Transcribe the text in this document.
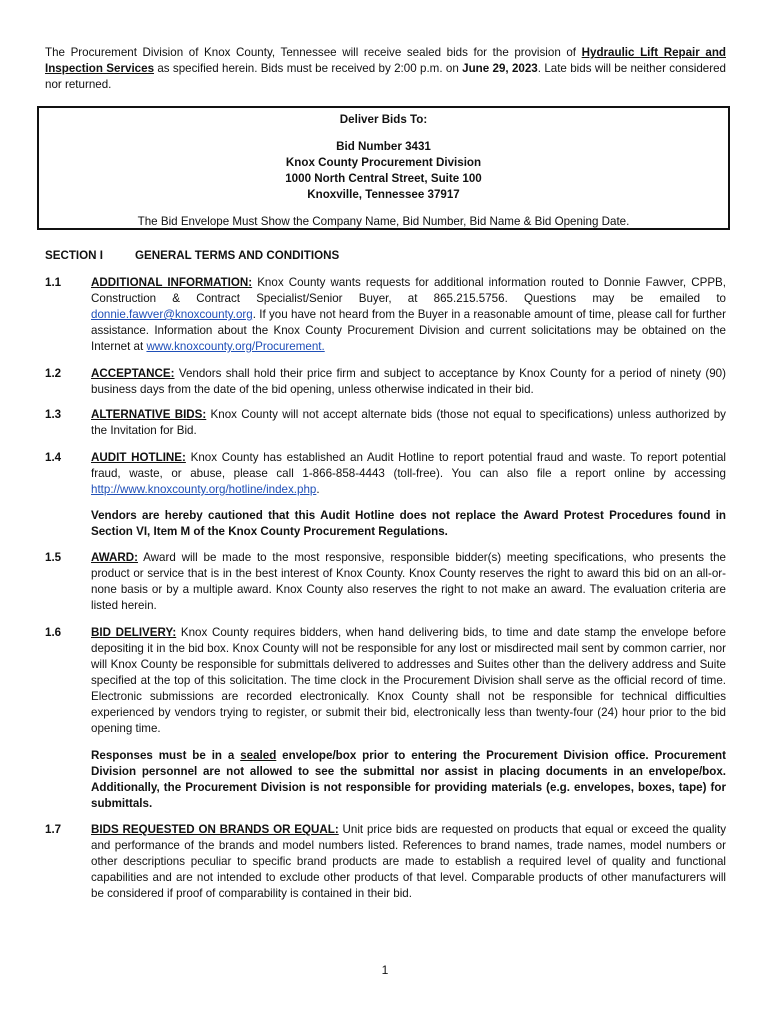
The Procurement Division of Knox County, Tennessee will receive sealed bids for the provision of Hydraulic Lift Repair and Inspection Services as specified herein. Bids must be received by 2:00 p.m. on June 29, 2023. Late bids will be neither considered nor returned.
Deliver Bids To:
Bid Number 3431
Knox County Procurement Division
1000 North Central Street, Suite 100
Knoxville, Tennessee 37917
The Bid Envelope Must Show the Company Name, Bid Number, Bid Name & Bid Opening Date.
SECTION I	GENERAL TERMS AND CONDITIONS
1.1	ADDITIONAL INFORMATION: Knox County wants requests for additional information routed to Donnie Fawver, CPPB, Construction & Contract Specialist/Senior Buyer, at 865.215.5756. Questions may be emailed to donnie.fawver@knoxcounty.org. If you have not heard from the Buyer in a reasonable amount of time, please call for further assistance. Information about the Knox County Procurement Division and current solicitations may be obtained on the Internet at www.knoxcounty.org/Procurement.
1.2	ACCEPTANCE: Vendors shall hold their price firm and subject to acceptance by Knox County for a period of ninety (90) business days from the date of the bid opening, unless otherwise indicated in their bid.
1.3	ALTERNATIVE BIDS: Knox County will not accept alternate bids (those not equal to specifications) unless authorized by the Invitation for Bid.
1.4	AUDIT HOTLINE: Knox County has established an Audit Hotline to report potential fraud and waste. To report potential fraud, waste, or abuse, please call 1-866-858-4443 (toll-free). You can also file a report online by accessing http://www.knoxcounty.org/hotline/index.php.
Vendors are hereby cautioned that this Audit Hotline does not replace the Award Protest Procedures found in Section VI, Item M of the Knox County Procurement Regulations.
1.5	AWARD: Award will be made to the most responsive, responsible bidder(s) meeting specifications, who presents the product or service that is in the best interest of Knox County. Knox County reserves the right to award this bid on an all-or-none basis or by a multiple award. Knox County also reserves the right to not make an award. The evaluation criteria are listed herein.
1.6	BID DELIVERY: Knox County requires bidders, when hand delivering bids, to time and date stamp the envelope before depositing it in the bid box. Knox County will not be responsible for any lost or misdirected mail sent by common carrier, nor will Knox County be responsible for submittals delivered to addresses and Suites other than the delivery address and Suite specified at the top of this solicitation. The time clock in the Procurement Division shall serve as the official record of time. Electronic submissions are recorded electronically. Knox County shall not be responsible for technical difficulties experienced by vendors trying to register, or submit their bid, electronically less than twenty-four (24) hour prior to the bid opening time.
Responses must be in a sealed envelope/box prior to entering the Procurement Division office. Procurement Division personnel are not allowed to see the submittal nor assist in placing documents in an envelope/box. Additionally, the Procurement Division is not responsible for providing materials (e.g. envelopes, boxes, tape) for submittals.
1.7	BIDS REQUESTED ON BRANDS OR EQUAL: Unit price bids are requested on products that equal or exceed the quality and performance of the brands and model numbers listed. References to brand names, trade names, model numbers or other descriptions peculiar to specific brand products are made to establish a required level of quality and functional capabilities and are not intended to exclude other products of that level. Comparable products of other manufacturers will be considered if proof of comparability is contained in their bid.
1
